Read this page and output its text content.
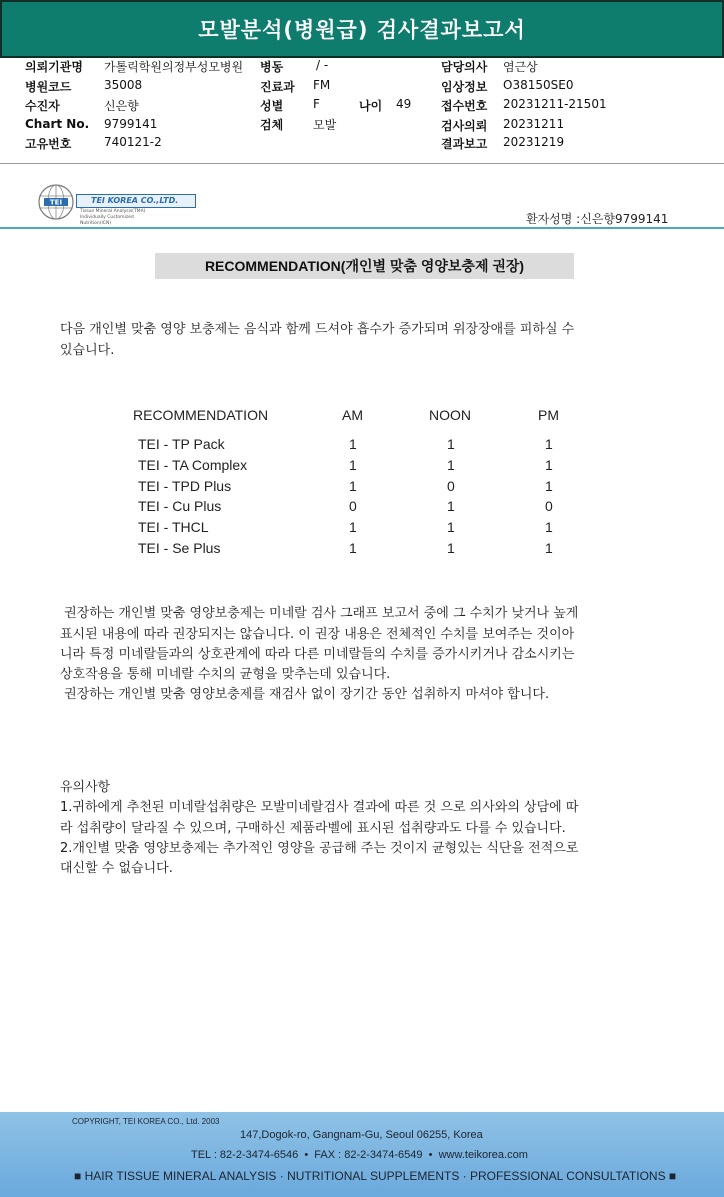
모발분석(병원급) 검사결과보고서
의뢰기관명 가톨릭학원의정부성모병원
병원코드	35008
수진자	신은향
Chart No. 9799141
고유번호	740121-2
병동	/ -
진료과 FM
성별 F	나이 49
검체 모발
담당의사 염근상
임상정보 O38150SE0
접수번호 20231211-21501
검사의뢰 20231211
결과보고 20231219
TEI	TEI KOREA CO.,LTD.
Tissue Mineral Analysis(TMA)
Individually Customized Nutrition(ICN)	환자성명 :신은향9799141
RECOMMENDATION(개인별 맞춤 영양보충제 권장)
다음 개인별 맞춤 영양 보충제는 음식과 함께 드셔야 흡수가 증가되며 위장장애를 피하실 수
있습니다.
RECOMMENDATION	AM	NOON	PM
TEI - TP Pack	1	1	1
TEI - TA Complex	1	1	1
TEI - TPD Plus	1	0	1
TEI - Cu Plus	0	1	0
TEI - THCL	1	1	1
TEI - Se Plus	1	1	1
권장하는 개인별 맞춤 영양보충제는 미네랄 검사 그래프 보고서 중에 그 수치가 낮거나 높게
표시된 내용에 따라 권장되지는 않습니다. 이 권장 내용은 전체적인 수치를 보여주는 것이아
니라 특정 미네랄들과의 상호관계에 따라 다른 미네랄들의 수치를 증가시키거나 감소시키는
상호작용을 통해 미네랄 수치의 균형을 맞추는데 있습니다.
권장하는 개인별 맞춤 영양보충제를 재검사 없이 장기간 동안 섭취하지 마셔야 합니다.
유의사항
1.귀하에게 추천된 미네랄섭취량은 모발미네랄검사 결과에 따른 것 으로 의사와의 상담에 따
라 섭취량이 달라질 수 있으며, 구매하신 제품라벨에 표시된 섭취량과도 다를 수 있습니다.
2.개인별 맞춤 영양보충제는 추가적인 영양을 공급해 주는 것이지 균형있는 식단을 전적으로
대신할 수 없습니다.
COPYRIGHT, TEI KOREA CO., Ltd. 2003
147,Dogok-ro, Gangnam-Gu, Seoul 06255, Korea
TEL : 82-2-3474-6546  •  FAX : 82-2-3474-6549  •  www.teikorea.com
■ HAIR TISSUE MINERAL ANALYSIS · NUTRITIONAL SUPPLEMENTS · PROFESSIONAL CONSULTATIONS ■
